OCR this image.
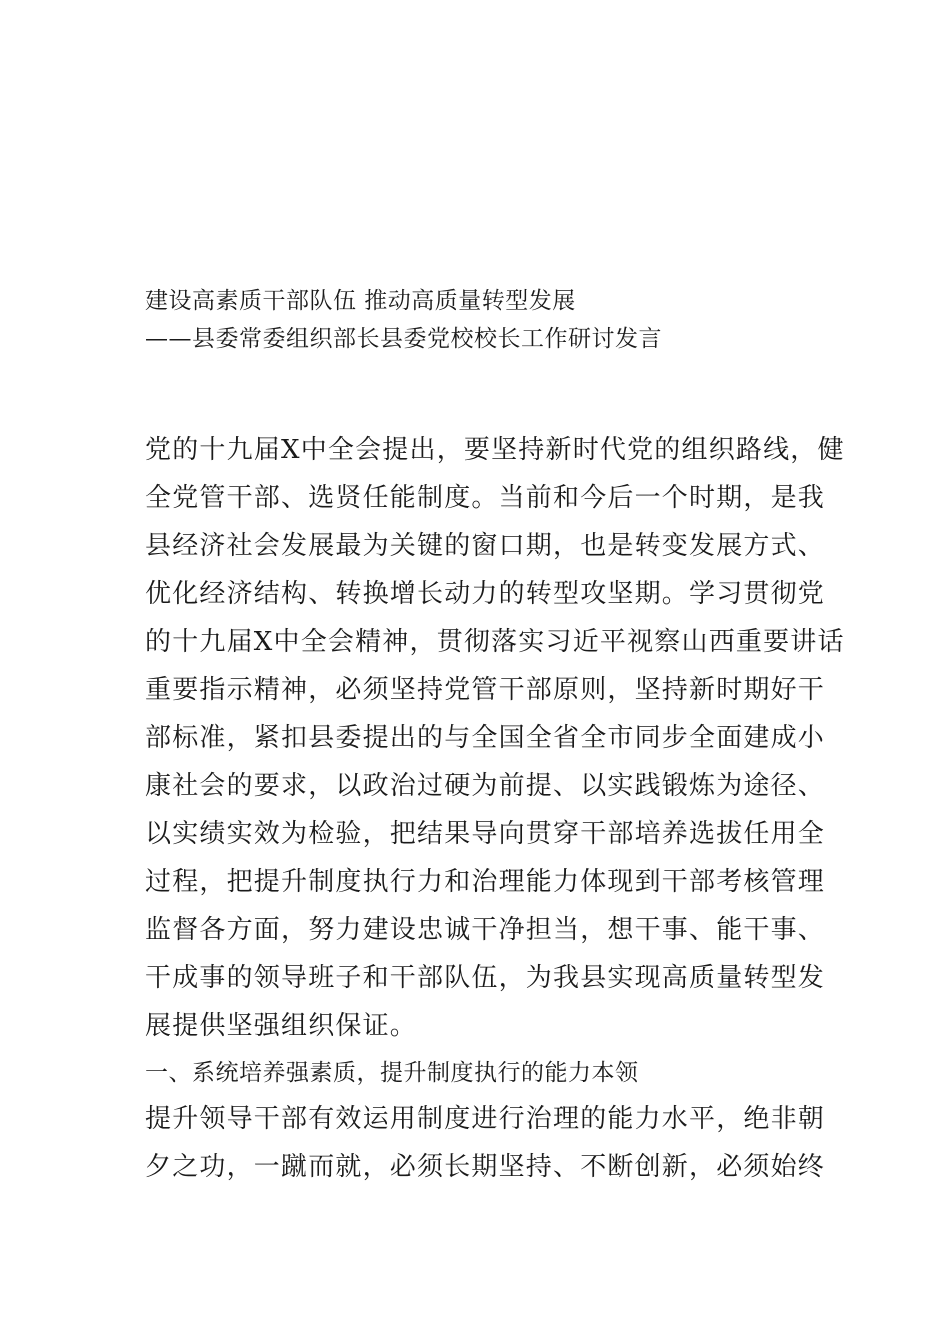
建设高素质干部队伍 推动高质量转型发展
——县委常委组织部长县委党校校长工作研讨发言
党的十九届Ⅹ中全会提出，要坚持新时代党的组织路线，健
全党管干部、选贤任能制度。当前和今后一个时期，是我
县经济社会发展最为关键的窗口期，也是转变发展方式、
优化经济结构、转换增长动力的转型攻坚期。学习贯彻党
的十九届Ⅹ中全会精神，贯彻落实习近平视察山西重要讲话
重要指示精神，必须坚持党管干部原则，坚持新时期好干
部标准，紧扣县委提出的与全国全省全市同步全面建成小
康社会的要求，以政治过硬为前提、以实践锻炼为途径、
以实绩实效为检验，把结果导向贯穿干部培养选拔任用全
过程，把提升制度执行力和治理能力体现到干部考核管理
监督各方面，努力建设忠诚干净担当，想干事、能干事、
干成事的领导班子和干部队伍，为我县实现高质量转型发
展提供坚强组织保证。
一、系统培养强素质，提升制度执行的能力本领
提升领导干部有效运用制度进行治理的能力水平，绝非朝
夕之功，一蹴而就，必须长期坚持、不断创新，必须始终
